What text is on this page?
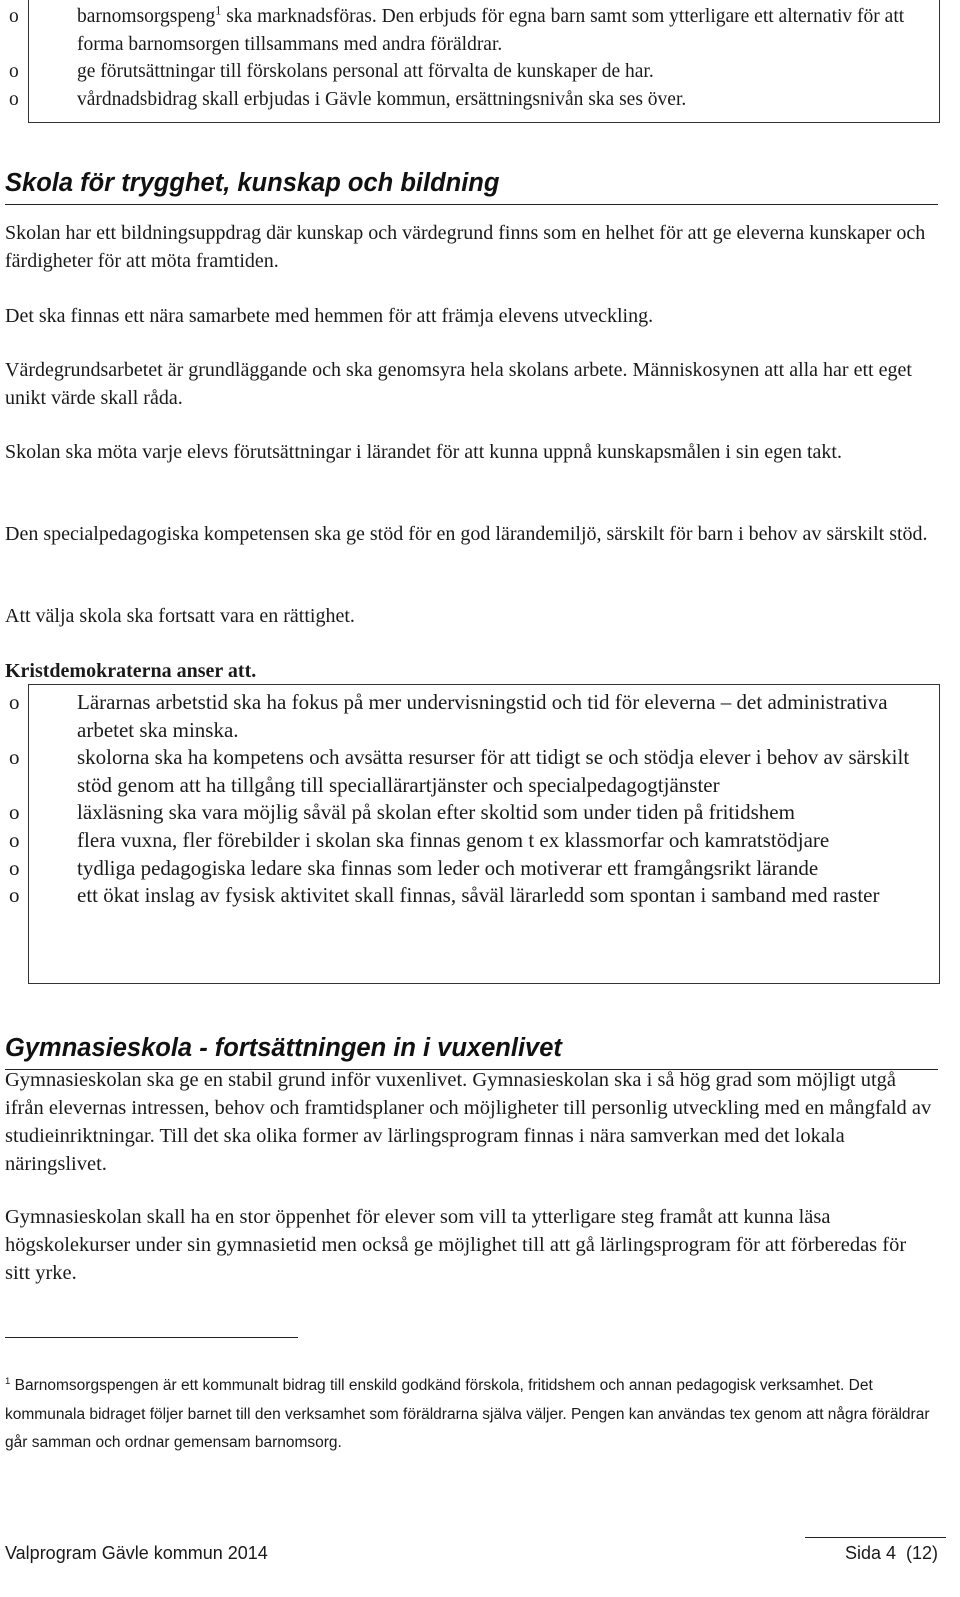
o barnomsorgspeng$^1$ ska marknadsföras. Den erbjuds för egna barn samt som ytterligare ett alternativ för att forma barnomsorgen tillsammans med andra föräldrar.
o ge förutsättningar till förskolans personal att förvalta de kunskaper de har.
o vårdnadsbidrag skall erbjudas i Gävle kommun, ersättningsnivån ska ses över.
Skola för trygghet, kunskap och bildning

Skolan har ett bildningsuppdrag där kunskap och värdegrund finns som en helhet för att ge eleverna kunskaper och färdigheter för att möta framtiden.

Det ska finnas ett nära samarbete med hemmen för att främja elevens utveckling.

Värdegrundsarbetet är grundläggande och ska genomsyra hela skolans arbete. Människosynen att alla har ett eget unikt värde skall råda.

Skolan ska möta varje elevs förutsättningar i lärandet för att kunna uppnå kunskapsmålen i sin egen takt.

Den specialpedagogiska kompetensen ska ge stöd för en god lärandemiljö, särskilt för barn i behov av särskilt stöd.

Att välja skola ska fortsatt vara en rättighet.

Kristdemokraterna anser att.

o Lärarnas arbetstid ska ha fokus på mer undervisningstid och tid för eleverna – det administrativa arbetet ska minska.
o skolorna ska ha kompetens och avsätta resurser för att tidigt se och stödja elever i behov av särskilt stöd genom att ha tillgång till speciallärartjänster och specialpedagogtjänster
o läxläsning ska vara möjlig såväl på skolan efter skoltid som under tiden på fritidshem
o flera vuxna, fler förebilder i skolan ska finnas genom t ex klassmorfar och kamratstödjare
o tydliga pedagogiska ledare ska finnas som leder och motiverar ett framgångsrikt lärande
o ett ökat inslag av fysisk aktivitet skall finnas, såväl lärarledd som spontan i samband med raster
Gymnasieskola - fortsättningen in i vuxenlivet

Gymnasieskolan ska ge en stabil grund inför vuxenlivet. Gymnasieskolan ska i så hög grad som möjligt utgå ifrån elevernas intressen, behov och framtidsplaner och möjligheter till personlig utveckling med en mångfald av studieinriktningar. Till det ska olika former av lärlingsprogram finnas i nära samverkan med det lokala näringslivet.

Gymnasieskolan skall ha en stor öppenhet för elever som vill ta ytterligare steg framåt att kunna läsa högskolekurser under sin gymnasietid men också ge möjlighet till att gå lärlingsprogram för att förberedas för sitt yrke.

$^1$ Barnomsorgspengen är ett kommunalt bidrag till enskild godkänd förskola, fritidshem och annan pedagogisk verksamhet. Det kommunala bidraget följer barnet till den verksamhet som föräldrarna själva väljer. Pengen kan användas tex genom att några föräldrar går samman och ordnar gemensam barnomsorg.

Valprogram Gävle kommun 2014	Sida 4  (12)
